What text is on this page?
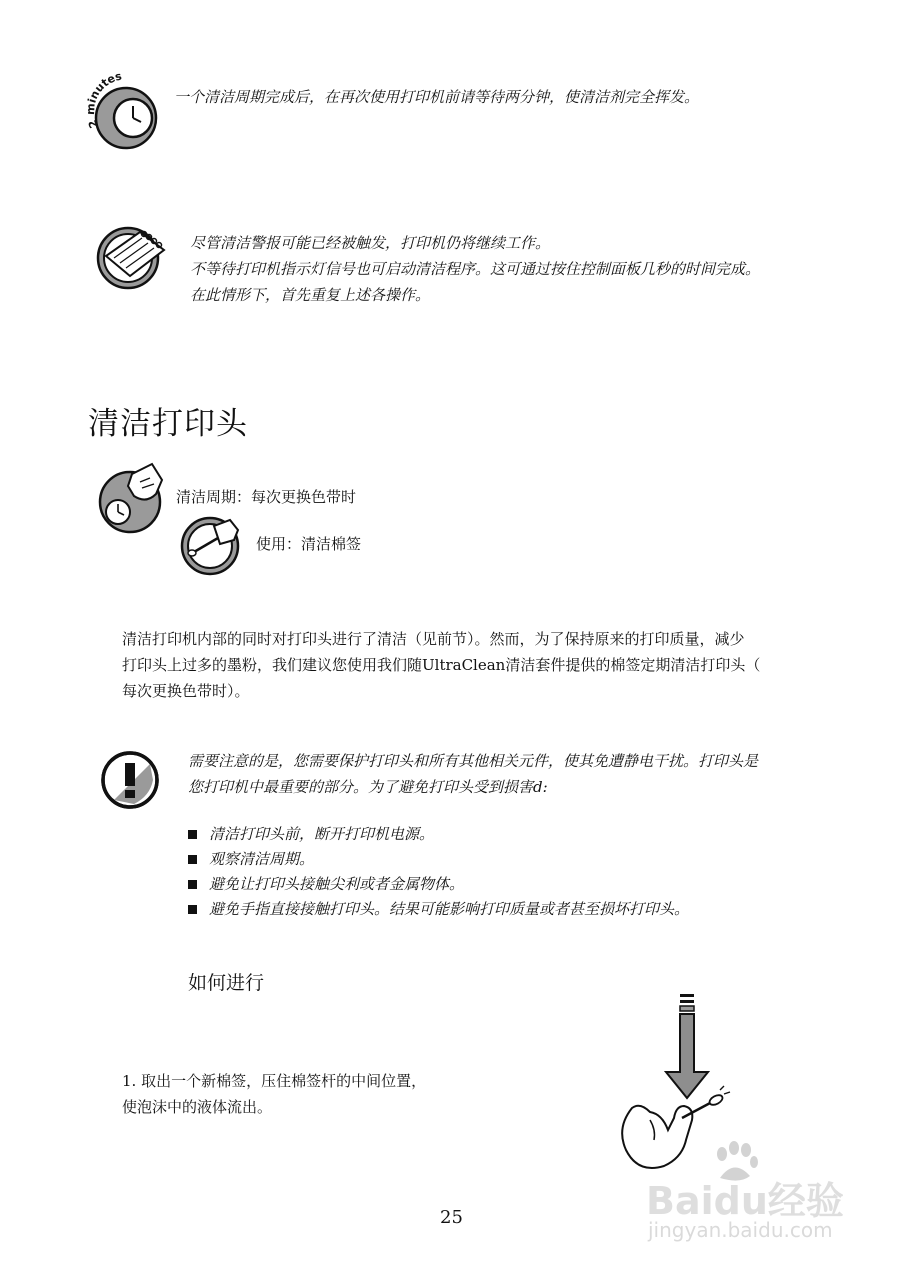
2 minutes
一个清洁周期完成后，在再次使用打印机前请等待两分钟，使清洁剂完全挥发。
尽管清洁警报可能已经被触发，打印机仍将继续工作。
不等待打印机指示灯信号也可启动清洁程序。这可通过按住控制面板几秒的时间完成。
在此情形下，首先重复上述各操作。
清洁打印头
清洁周期：每次更换色带时
使用：清洁棉签
清洁打印机内部的同时对打印头进行了清洁（见前节）。然而，为了保持原来的打印质量，减少
打印头上过多的墨粉，我们建议您使用我们随UltraClean清洁套件提供的棉签定期清洁打印头（
每次更换色带时）。
需要注意的是，您需要保护打印头和所有其他相关元件，使其免遭静电干扰。打印头是
您打印机中最重要的部分。为了避免打印头受到损害d:
清洁打印头前，断开打印机电源。
观察清洁周期。
避免让打印头接触尖利或者金属物体。
避免手指直接接触打印头。结果可能影响打印质量或者甚至损坏打印头。
如何进行
1. 取出一个新棉签，压住棉签杆的中间位置，
使泡沫中的液体流出。
25	Baidu经验
jingyan.baidu.com
